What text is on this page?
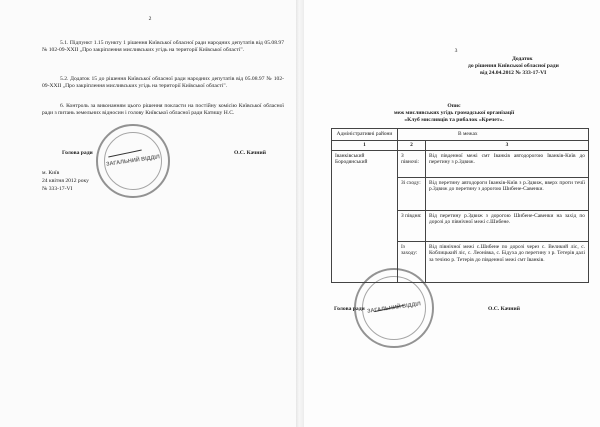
2
5.1. Підпункт 1.15 пункту 1 рішення Київської обласної ради народних депутатів від 05.08.97 № 102-09-XXII „Про закріплення мисливських угідь на території Київської області".
5.2. Додаток 15 до рішення Київської обласної ради народних депутатів від 05.08.97 № 102-09-XXII „Про закріплення мисливських угідь на території Київської області".
6. Контроль за виконанням цього рішення покласти на постійну комісію Київської обласної ради з питань земельних відносин і голову Київської обласної ради Катишу Н.С.
Голова ради	О.С. Качний
м. Київ
24 квітня 2012 року
№ 333-17-VI
ЗАГАЛЬНИЙ ВІДДІЛ
3
Додаток
до рішення Київської обласної ради
від 24.04.2012 № 333-17-VI
Опис
меж мисливських угідь громадської організації
«Клуб мисливців та рибалок «Кречет».
Адміністративні райони	В межах	
1	2	3
Іванківський Бородянський	З півночі:	Від південної межі смт Іванків автодорогою Іванків-Київ до перетину з р.Здвиж.
	Зі сходу:	Від перетину автодороги Іванків-Київ з р.Здвиж, вверх проти течії р.Здвиж до перетину з дорогою Шибене-Савенки.
	З півдня:	Від перетину р.Здвиж з дорогою Шибене-Савенки на захід по дорозі до північної межі с.Шибене.
	Із заходу:	Від північної межі с.Шибене по дорозі через с. Великий ліс, с. Коблицький ліс, с. Леонівка, с. Бідуха до перетину з р. Тетерів далі за течією р. Тетерів до південної межі смт Іванків.
Голова ради	О.С. Качний
ЗАГАЛЬНИЙ ВІДДІЛ
